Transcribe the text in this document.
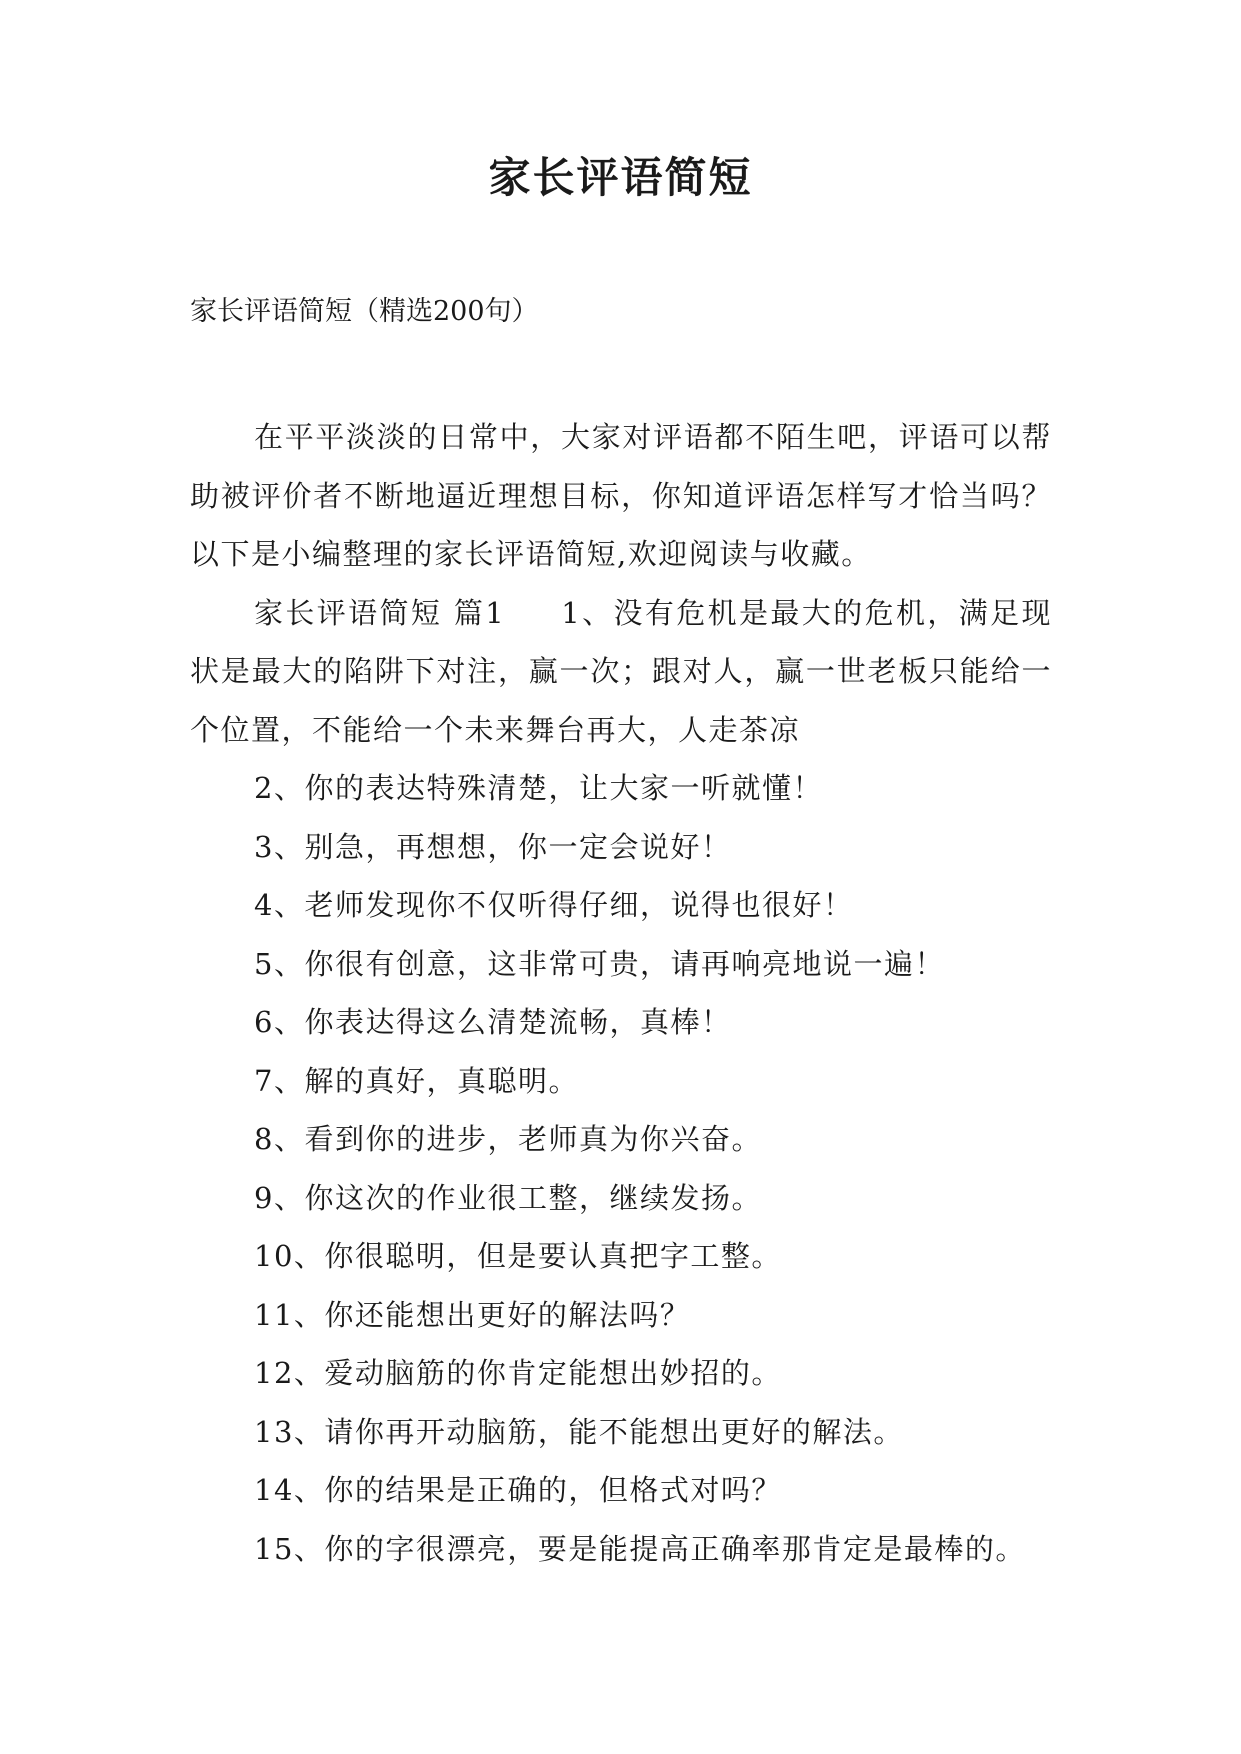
家长评语简短

家长评语简短（精选200句）

在平平淡淡的日常中，大家对评语都不陌生吧，评语可以帮助被评价者不断地逼近理想目标，你知道评语怎样写才恰当吗？以下是小编整理的家长评语简短,欢迎阅读与收藏。

家长评语简短 篇1 1、没有危机是最大的危机，满足现状是最大的陷阱下对注，赢一次；跟对人，赢一世老板只能给一个位置，不能给一个未来舞台再大，人走茶凉

2、你的表达特殊清楚，让大家一听就懂！

3、别急，再想想，你一定会说好！

4、老师发现你不仅听得仔细，说得也很好！

5、你很有创意，这非常可贵，请再响亮地说一遍！

6、你表达得这么清楚流畅，真棒！

7、解的真好，真聪明。

8、看到你的进步，老师真为你兴奋。

9、你这次的作业很工整，继续发扬。

10、你很聪明，但是要认真把字工整。

11、你还能想出更好的解法吗？

12、爱动脑筋的你肯定能想出妙招的。

13、请你再开动脑筋，能不能想出更好的解法。

14、你的结果是正确的，但格式对吗？

15、你的字很漂亮，要是能提高正确率那肯定是最棒的。
